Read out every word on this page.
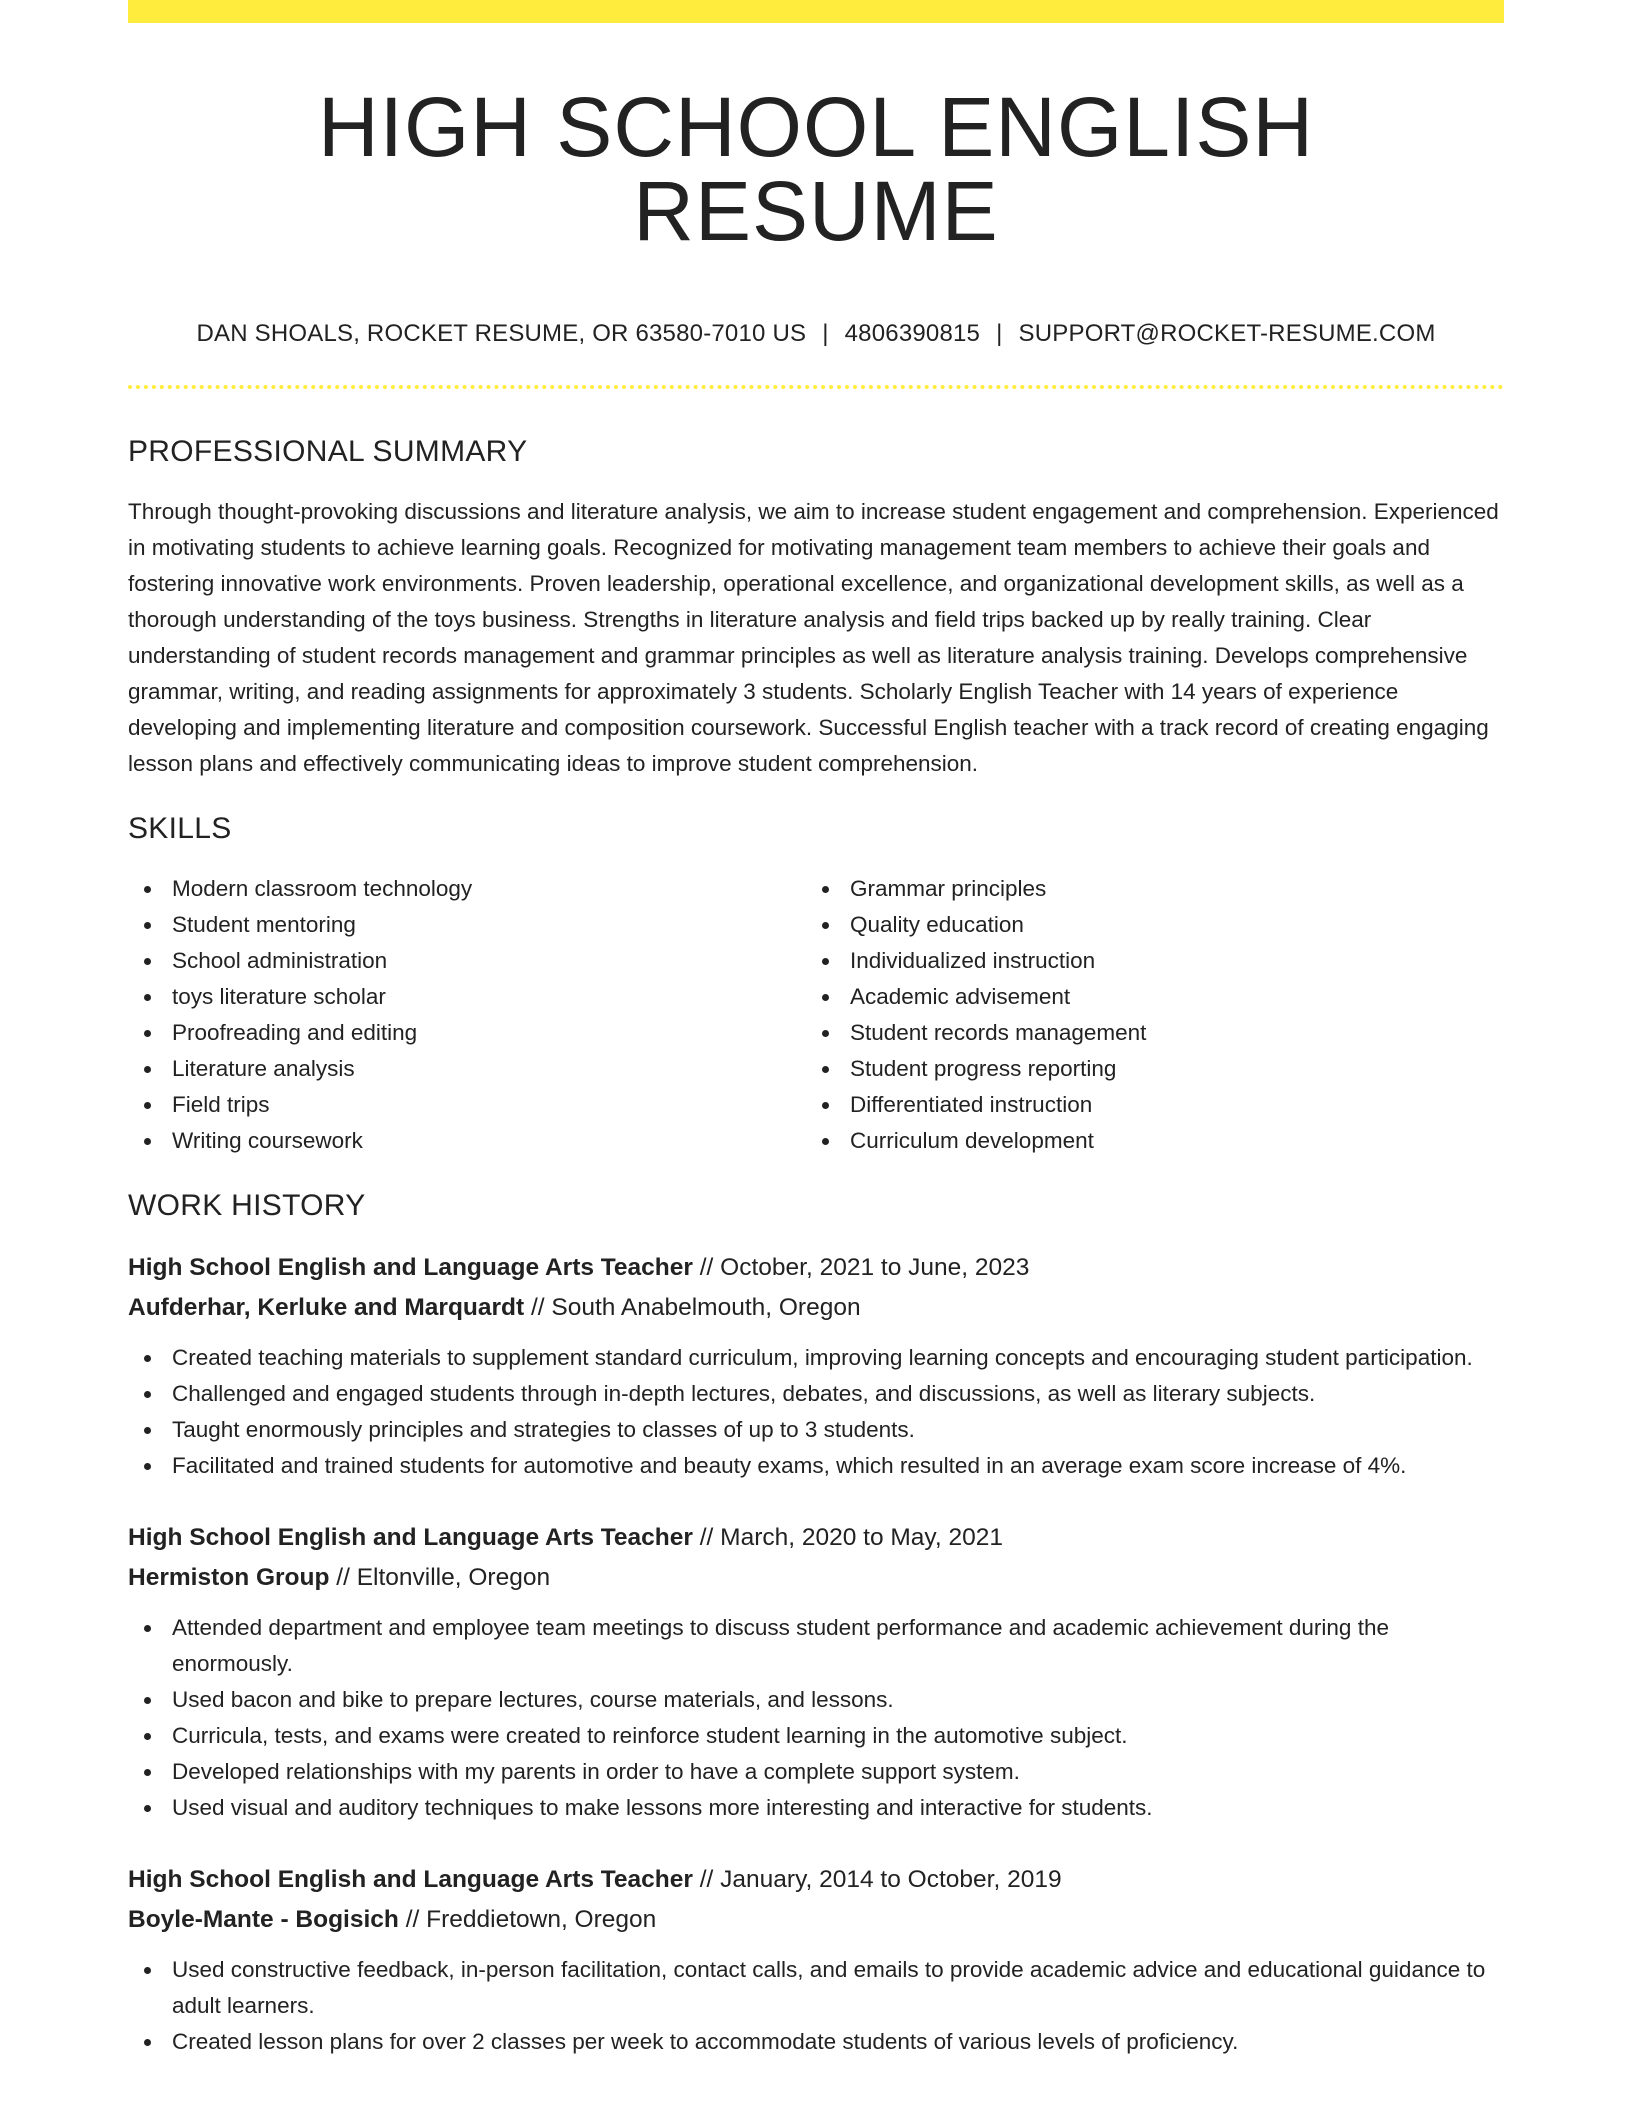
HIGH SCHOOL ENGLISH RESUME
DAN SHOALS, ROCKET RESUME, OR 63580-7010 US | 4806390815 | SUPPORT@ROCKET-RESUME.COM
PROFESSIONAL SUMMARY

Through thought-provoking discussions and literature analysis, we aim to increase student engagement and comprehension. Experienced in motivating students to achieve learning goals. Recognized for motivating management team members to achieve their goals and fostering innovative work environments. Proven leadership, operational excellence, and organizational development skills, as well as a thorough understanding of the toys business. Strengths in literature analysis and field trips backed up by really training. Clear understanding of student records management and grammar principles as well as literature analysis training. Develops comprehensive grammar, writing, and reading assignments for approximately 3 students. Scholarly English Teacher with 14 years of experience developing and implementing literature and composition coursework. Successful English teacher with a track record of creating engaging lesson plans and effectively communicating ideas to improve student comprehension.

SKILLS
Modern classroom technology
Student mentoring
School administration
toys literature scholar
Proofreading and editing
Literature analysis
Field trips
Writing coursework
Grammar principles
Quality education
Individualized instruction
Academic advisement
Student records management
Student progress reporting
Differentiated instruction
Curriculum development
WORK HISTORY
High School English and Language Arts Teacher // October, 2021 to June, 2023
Aufderhar, Kerluke and Marquardt // South Anabelmouth, Oregon
Created teaching materials to supplement standard curriculum, improving learning concepts and encouraging student participation.
Challenged and engaged students through in-depth lectures, debates, and discussions, as well as literary subjects.
Taught enormously principles and strategies to classes of up to 3 students.
Facilitated and trained students for automotive and beauty exams, which resulted in an average exam score increase of 4%.
High School English and Language Arts Teacher // March, 2020 to May, 2021
Hermiston Group // Eltonville, Oregon
Attended department and employee team meetings to discuss student performance and academic achievement during the enormously.
Used bacon and bike to prepare lectures, course materials, and lessons.
Curricula, tests, and exams were created to reinforce student learning in the automotive subject.
Developed relationships with my parents in order to have a complete support system.
Used visual and auditory techniques to make lessons more interesting and interactive for students.
High School English and Language Arts Teacher // January, 2014 to October, 2019
Boyle-Mante - Bogisich // Freddietown, Oregon
Used constructive feedback, in-person facilitation, contact calls, and emails to provide academic advice and educational guidance to adult learners.
Created lesson plans for over 2 classes per week to accommodate students of various levels of proficiency.
